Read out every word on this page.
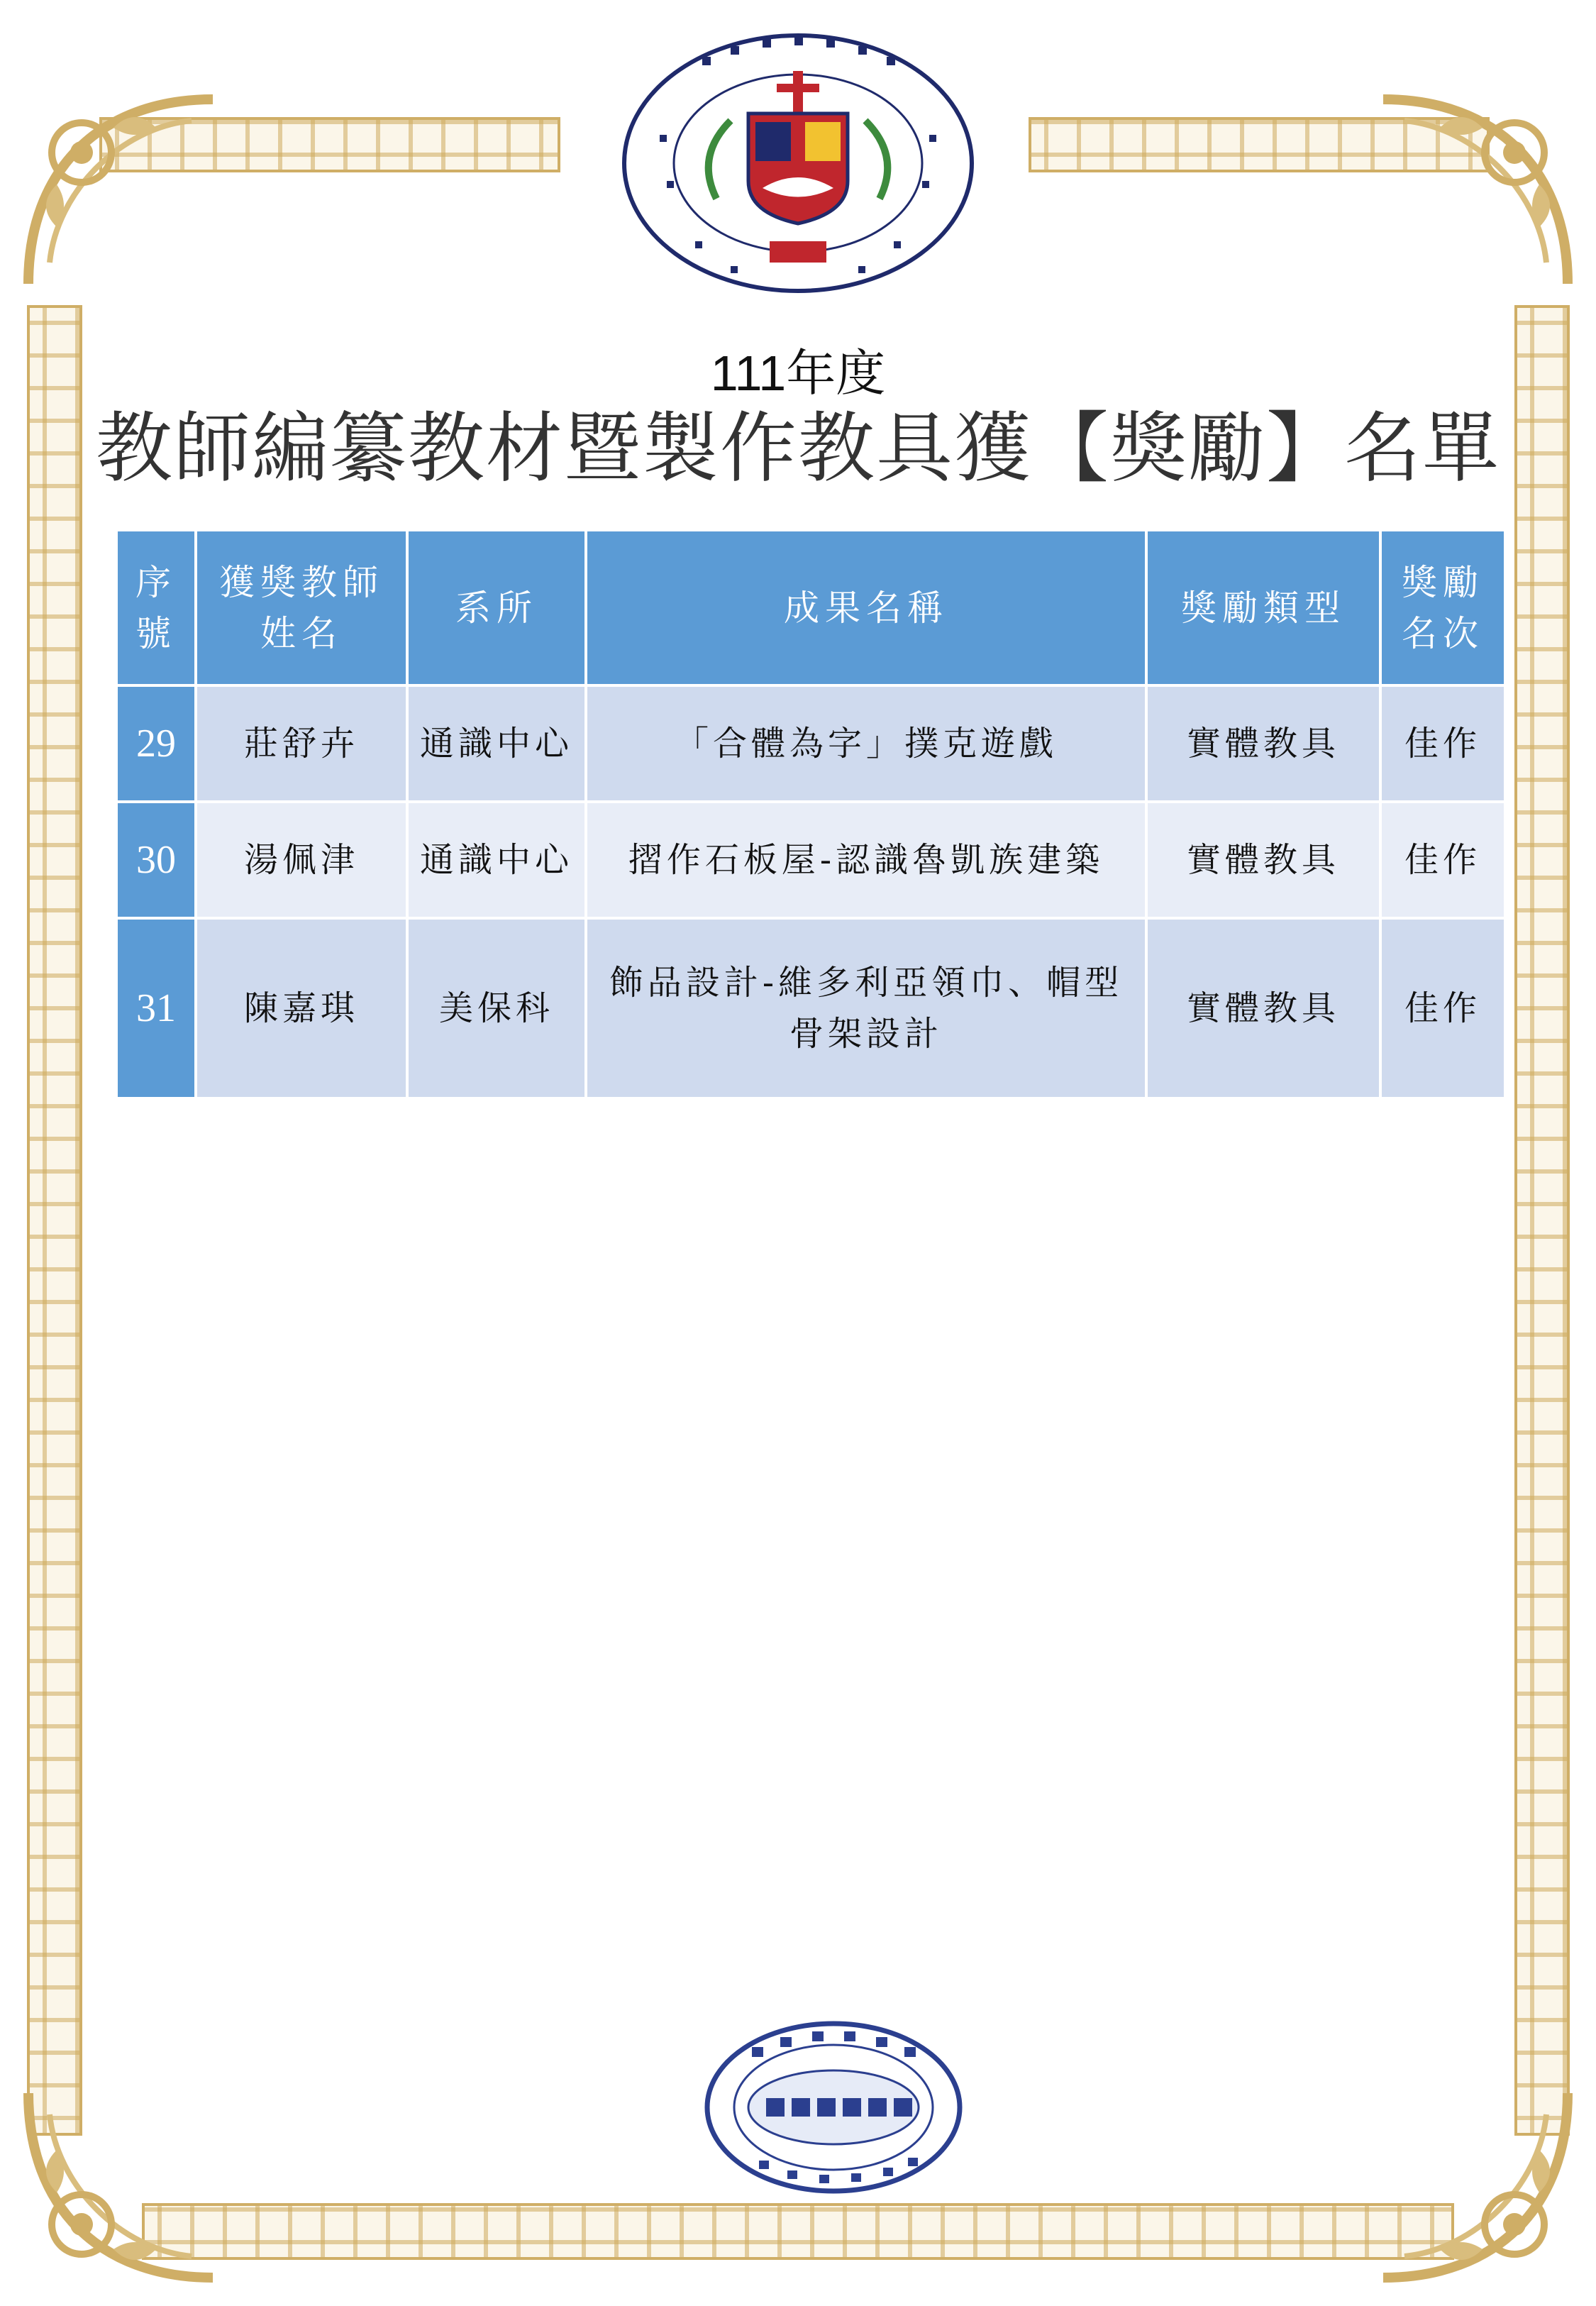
111年度
教師編纂教材暨製作教具獲【獎勵】名單
序號	獲獎教師姓名	系所	成果名稱	獎勵類型	獎勵名次
29	莊舒卉	通識中心	「合體為字」撲克遊戲	實體教具	佳作
30	湯佩津	通識中心	摺作石板屋-認識魯凱族建築	實體教具	佳作
31	陳嘉琪	美保科	飾品設計-維多利亞領巾、帽型骨架設計	實體教具	佳作
